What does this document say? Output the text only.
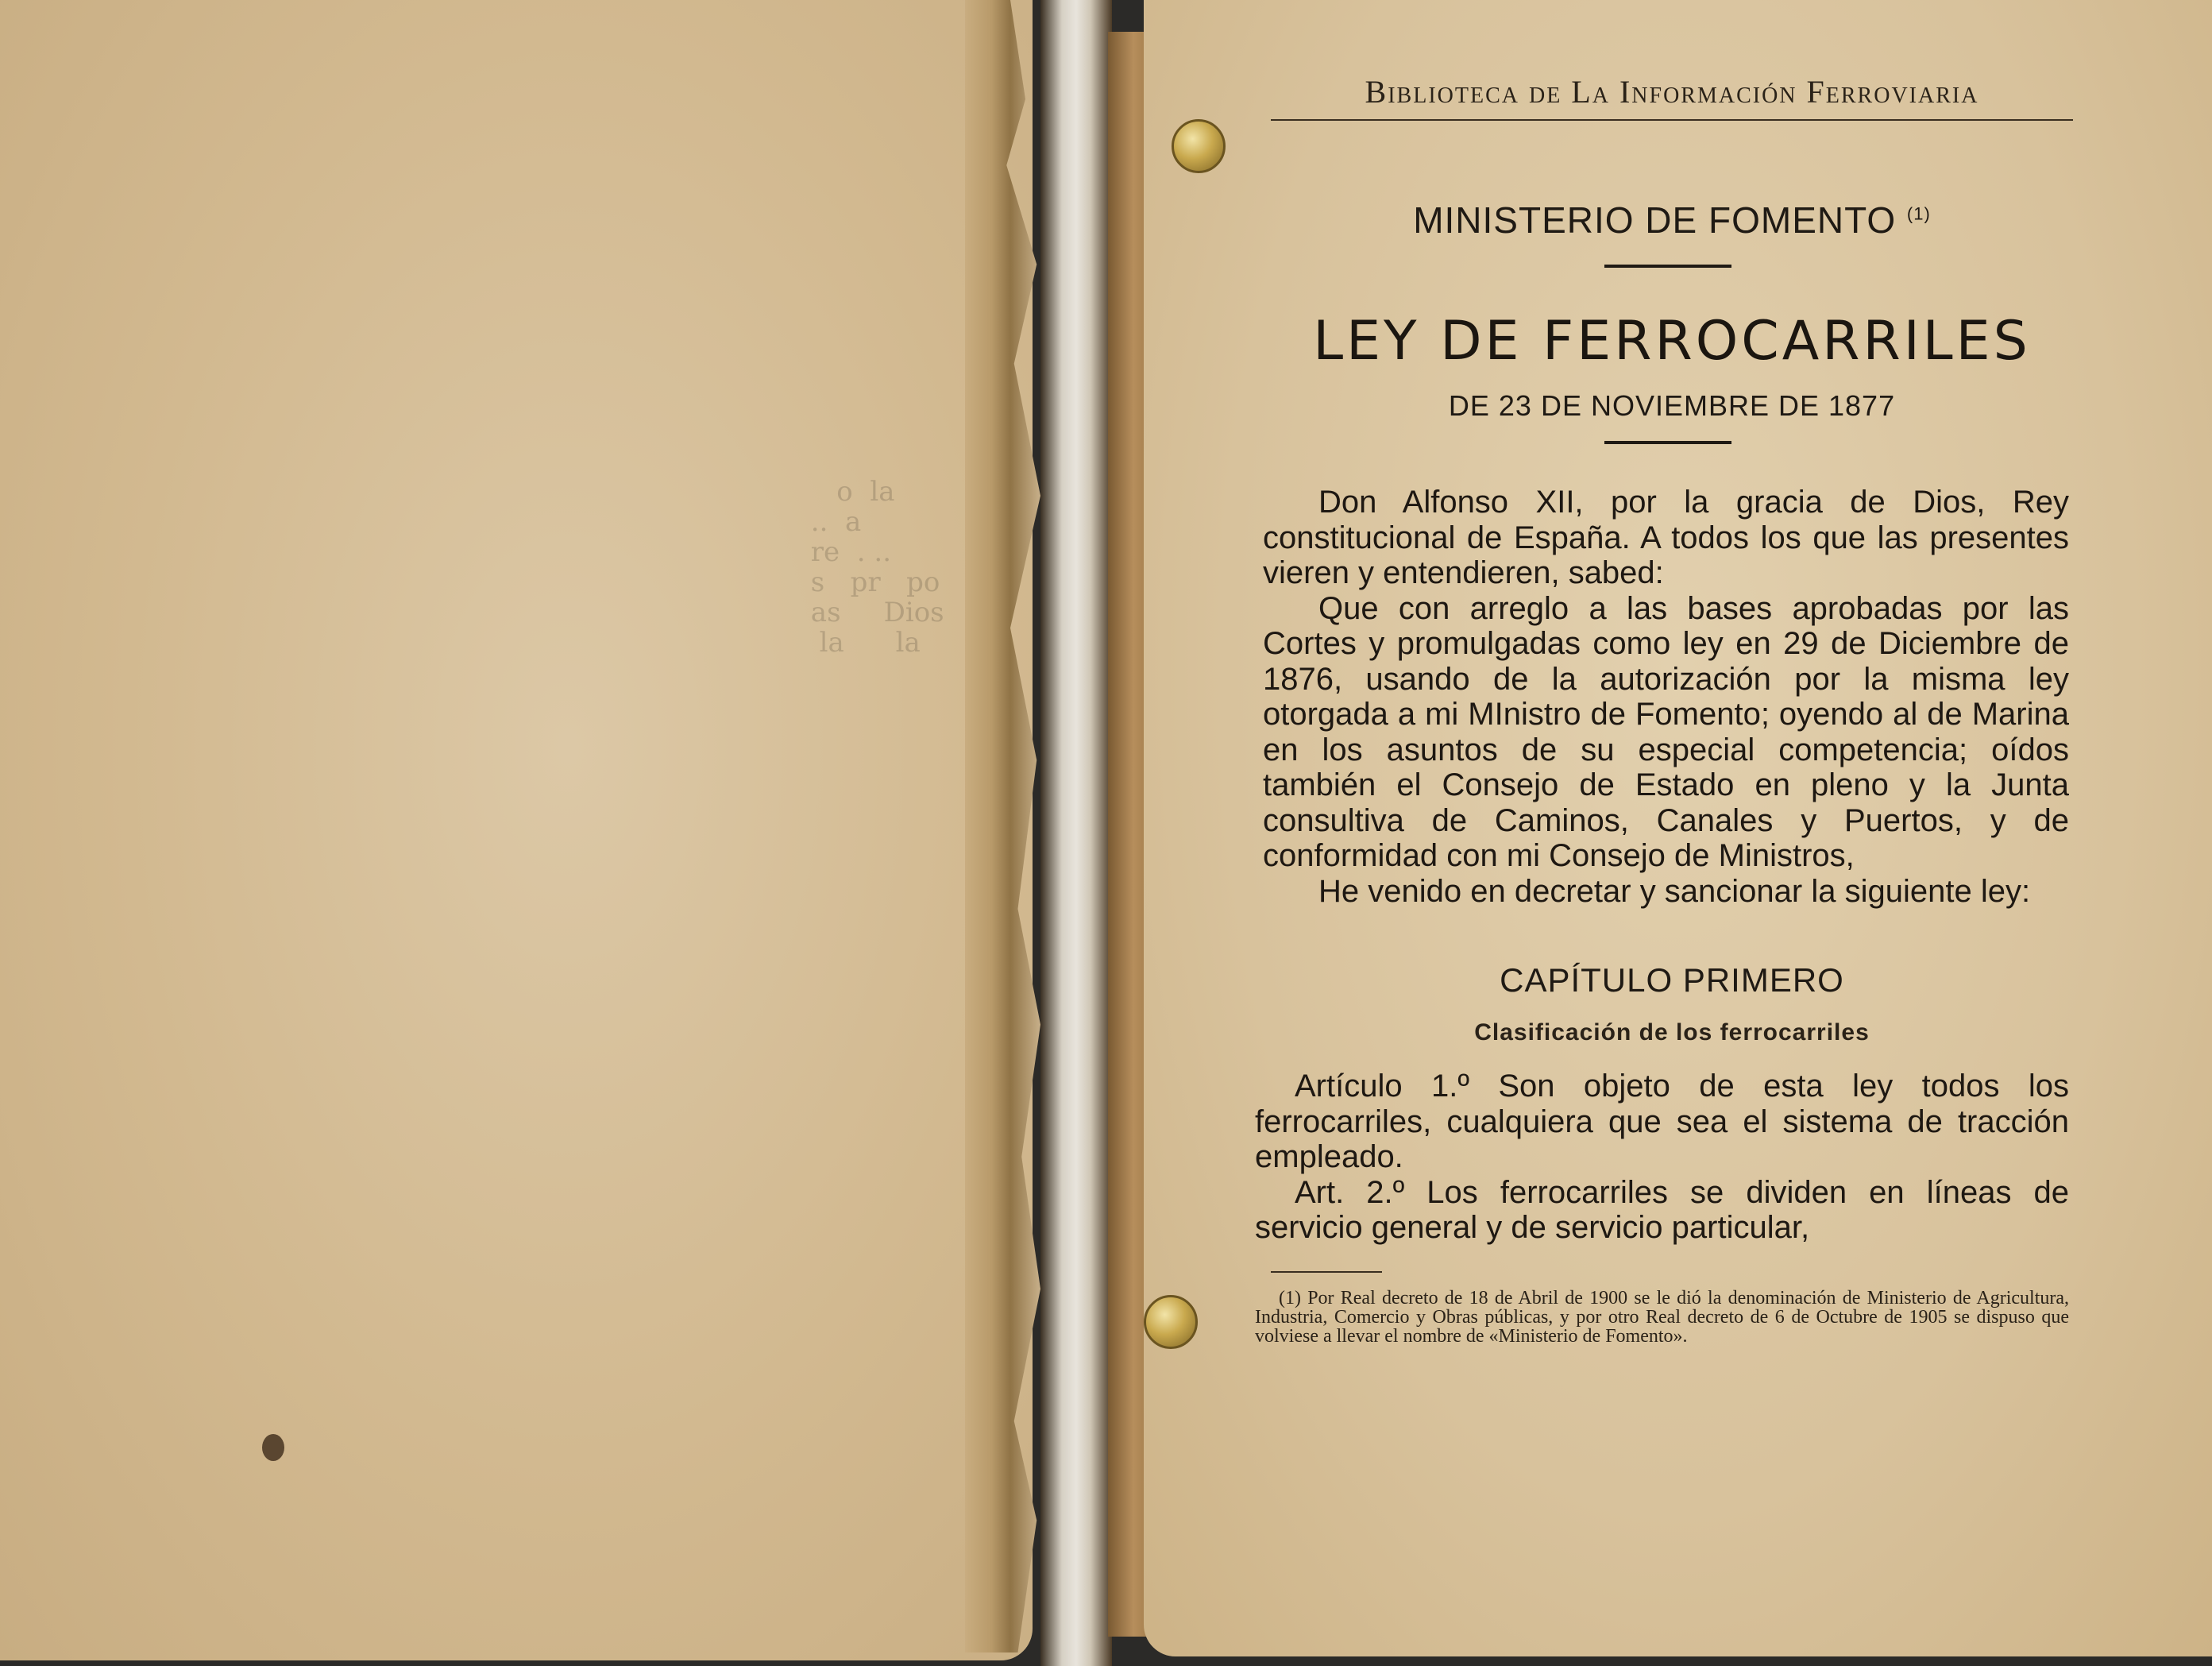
o  la
..  a
re  . ..
s   pr   po
as     Dios
la      la

Biblioteca de La Información Ferroviaria
MINISTERIO DE FOMENTO $^{(1)}$
LEY DE FERROCARRILES
DE 23 DE NOVIEMBRE DE 1877

Don Alfonso XII, por la gracia de Dios, Rey constitucional de España. A todos los que las presentes vieren y entendieren, sabed:

Que con arreglo a las bases aprobadas por las Cortes y promulgadas como ley en 29 de Diciembre de 1876, usando de la autorización por la misma ley otorgada a mi MInistro de Fomento; oyendo al de Marina en los asuntos de su especial competencia; oídos también el Consejo de Estado en pleno y la Junta consultiva de Caminos, Canales y Puertos, y de conformidad con mi Consejo de Ministros,

He venido en decretar y sancionar la siguiente ley:

CAPÍTULO PRIMERO
Clasificación de los ferrocarriles

Artículo 1.º Son objeto de esta ley todos los ferrocarriles, cualquiera que sea el sistema de tracción empleado.

Art. 2.º Los ferrocarriles se dividen en líneas de servicio general y de servicio particular,

(1) Por Real decreto de 18 de Abril de 1900 se le dió la denominación de Ministerio de Agricultura, Industria, Comercio y Obras públicas, y por otro Real decreto de 6 de Octubre de 1905 se dispuso que volviese a llevar el nombre de «Ministerio de Fomento».
